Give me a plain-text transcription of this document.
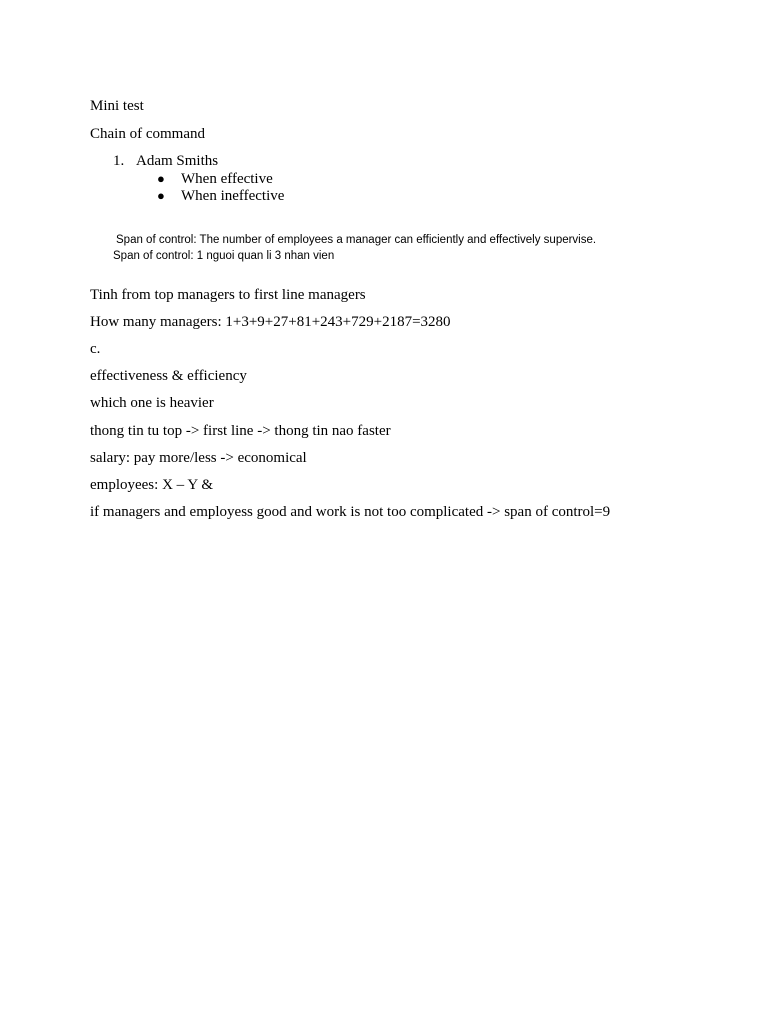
Mini test
Chain of command
1. Adam Smiths
● When effective
● When ineffective
Span of control: The number of employees a manager can efficiently and effectively supervise.
Span of control: 1 nguoi quan li 3 nhan vien
Tinh from top managers to first line managers
How many managers: 1+3+9+27+81+243+729+2187=3280
c.
effectiveness & efficiency
which one is heavier
thong tin tu top -> first line -> thong tin nao faster
salary: pay more/less -> economical
employees: X – Y &
if managers and employess good and work is not too complicated -> span of control=9
